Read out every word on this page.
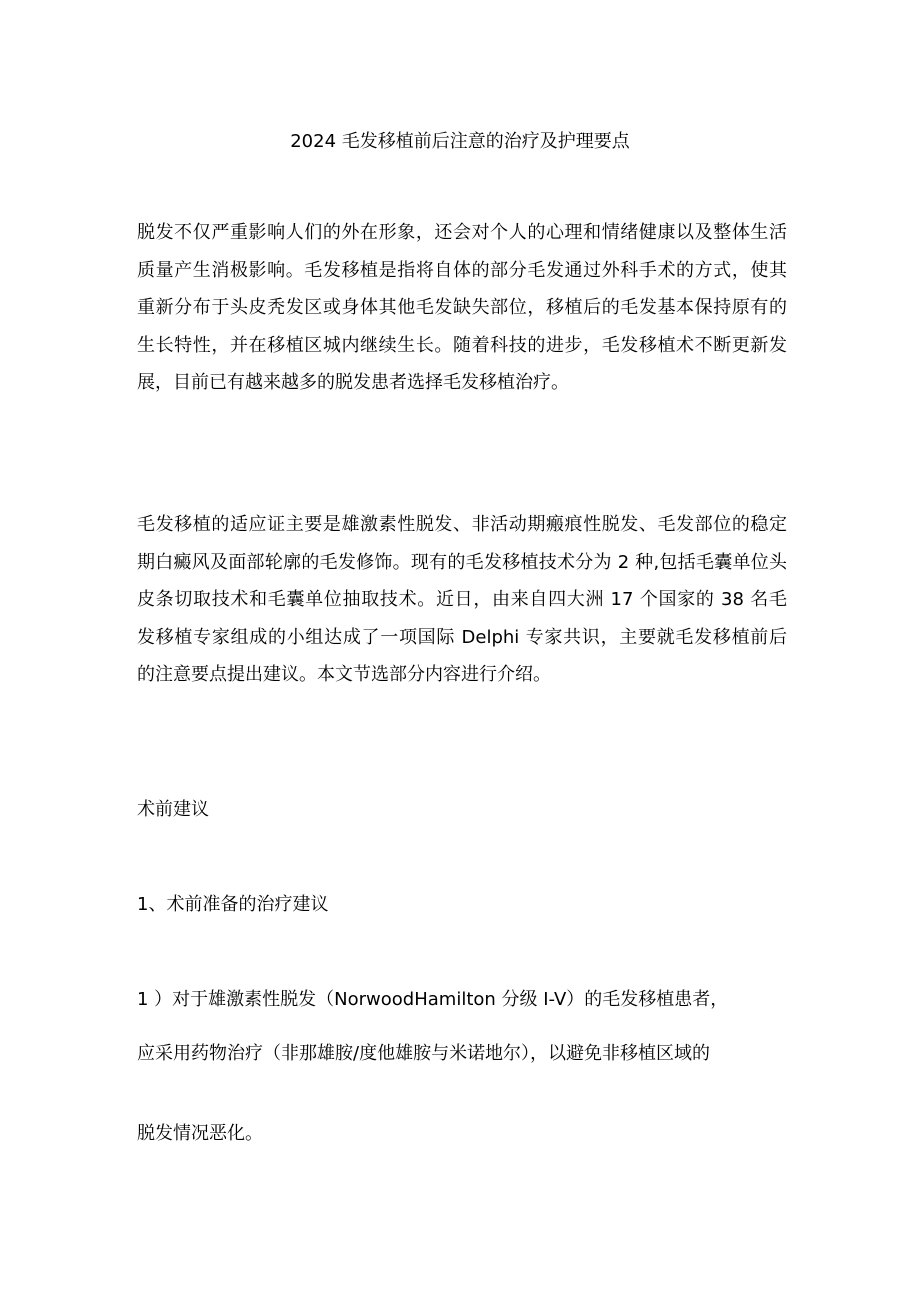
2024 毛发移植前后注意的治疗及护理要点
脱发不仅严重影响人们的外在形象，还会对个人的心理和情绪健康以及整体生活
质量产生消极影响。毛发移植是指将自体的部分毛发通过外科手术的方式，使其
重新分布于头皮秃发区或身体其他毛发缺失部位，移植后的毛发基本保持原有的
生长特性，并在移植区城内继续生长。随着科技的进步，毛发移植术不断更新发
展，目前已有越来越多的脱发患者选择毛发移植治疗。
毛发移植的适应证主要是雄激素性脱发、非活动期瘢痕性脱发、毛发部位的稳定
期白癜风及面部轮廓的毛发修饰。现有的毛发移植技术分为 2 种,包括毛囊单位头
皮条切取技术和毛囊单位抽取技术。近日，由来自四大洲 17 个国家的 38 名毛
发移植专家组成的小组达成了一项国际 Delphi 专家共识，主要就毛发移植前后
的注意要点提出建议。本文节选部分内容进行介绍。
术前建议
1、术前准备的治疗建议
1 ）对于雄激素性脱发（NorwoodHamilton 分级 I-V）的毛发移植患者，
应采用药物治疗（非那雄胺/度他雄胺与米诺地尔），以避免非移植区域的
脱发情况恶化。
